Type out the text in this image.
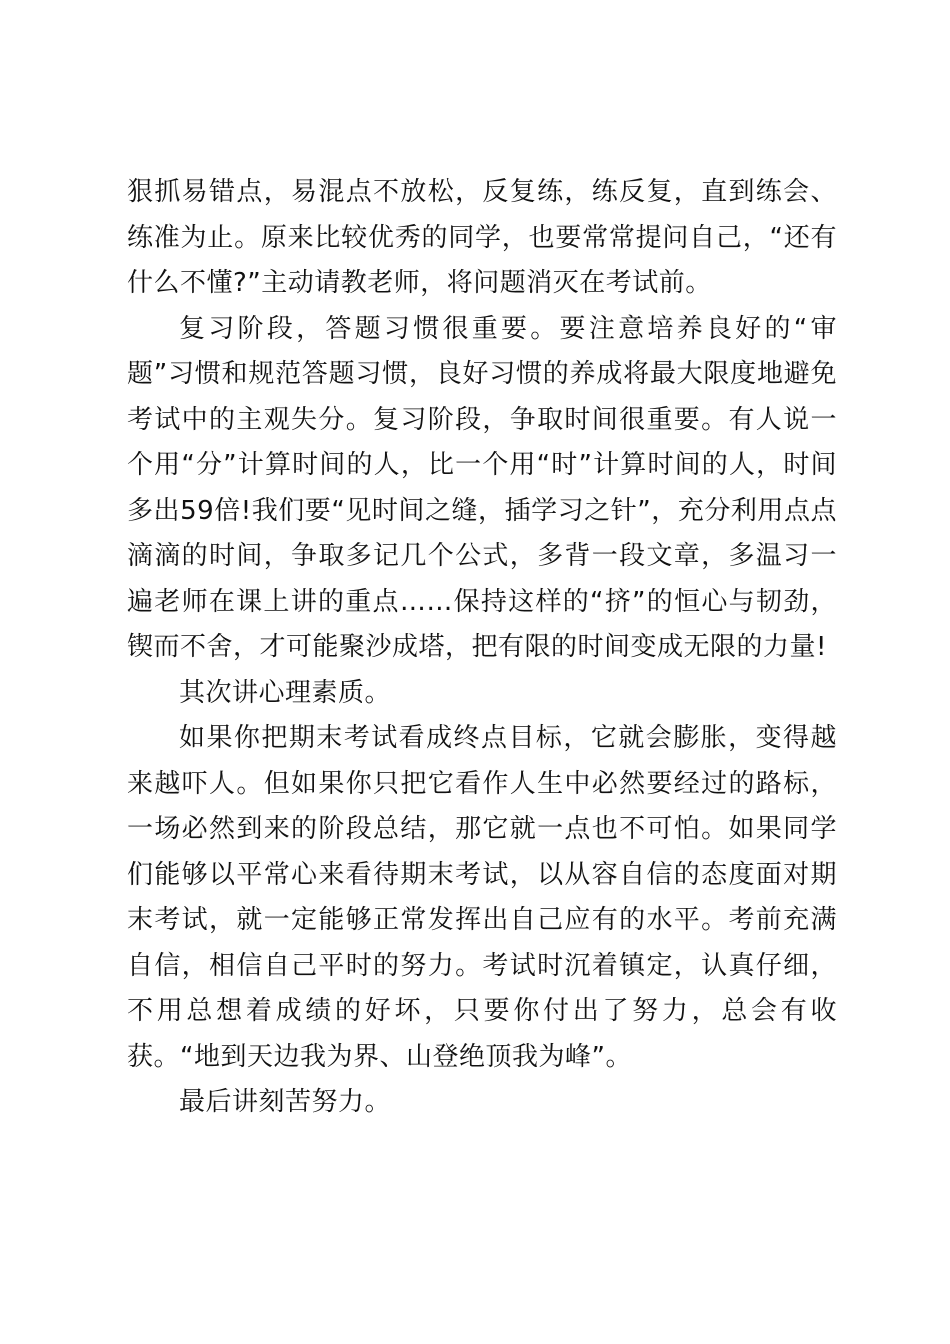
狠抓易错点，易混点不放松，反复练，练反复，直到练会、练准为止。原来比较优秀的同学，也要常常提问自己，“还有什么不懂?”主动请教老师，将问题消灭在考试前。

复习阶段，答题习惯很重要。要注意培养良好的“审题”习惯和规范答题习惯，良好习惯的养成将最大限度地避免考试中的主观失分。复习阶段，争取时间很重要。有人说一个用“分”计算时间的人，比一个用“时”计算时间的人，时间多出59倍!我们要“见时间之缝，插学习之针”，充分利用点点滴滴的时间，争取多记几个公式，多背一段文章，多温习一遍老师在课上讲的重点……保持这样的“挤”的恒心与韧劲，锲而不舍，才可能聚沙成塔，把有限的时间变成无限的力量!

其次讲心理素质。

如果你把期末考试看成终点目标，它就会膨胀，变得越来越吓人。但如果你只把它看作人生中必然要经过的路标，一场必然到来的阶段总结，那它就一点也不可怕。如果同学们能够以平常心来看待期末考试，以从容自信的态度面对期末考试，就一定能够正常发挥出自己应有的水平。考前充满自信，相信自己平时的努力。考试时沉着镇定，认真仔细，不用总想着成绩的好坏，只要你付出了努力，总会有收获。“地到天边我为界、山登绝顶我为峰”。

最后讲刻苦努力。
